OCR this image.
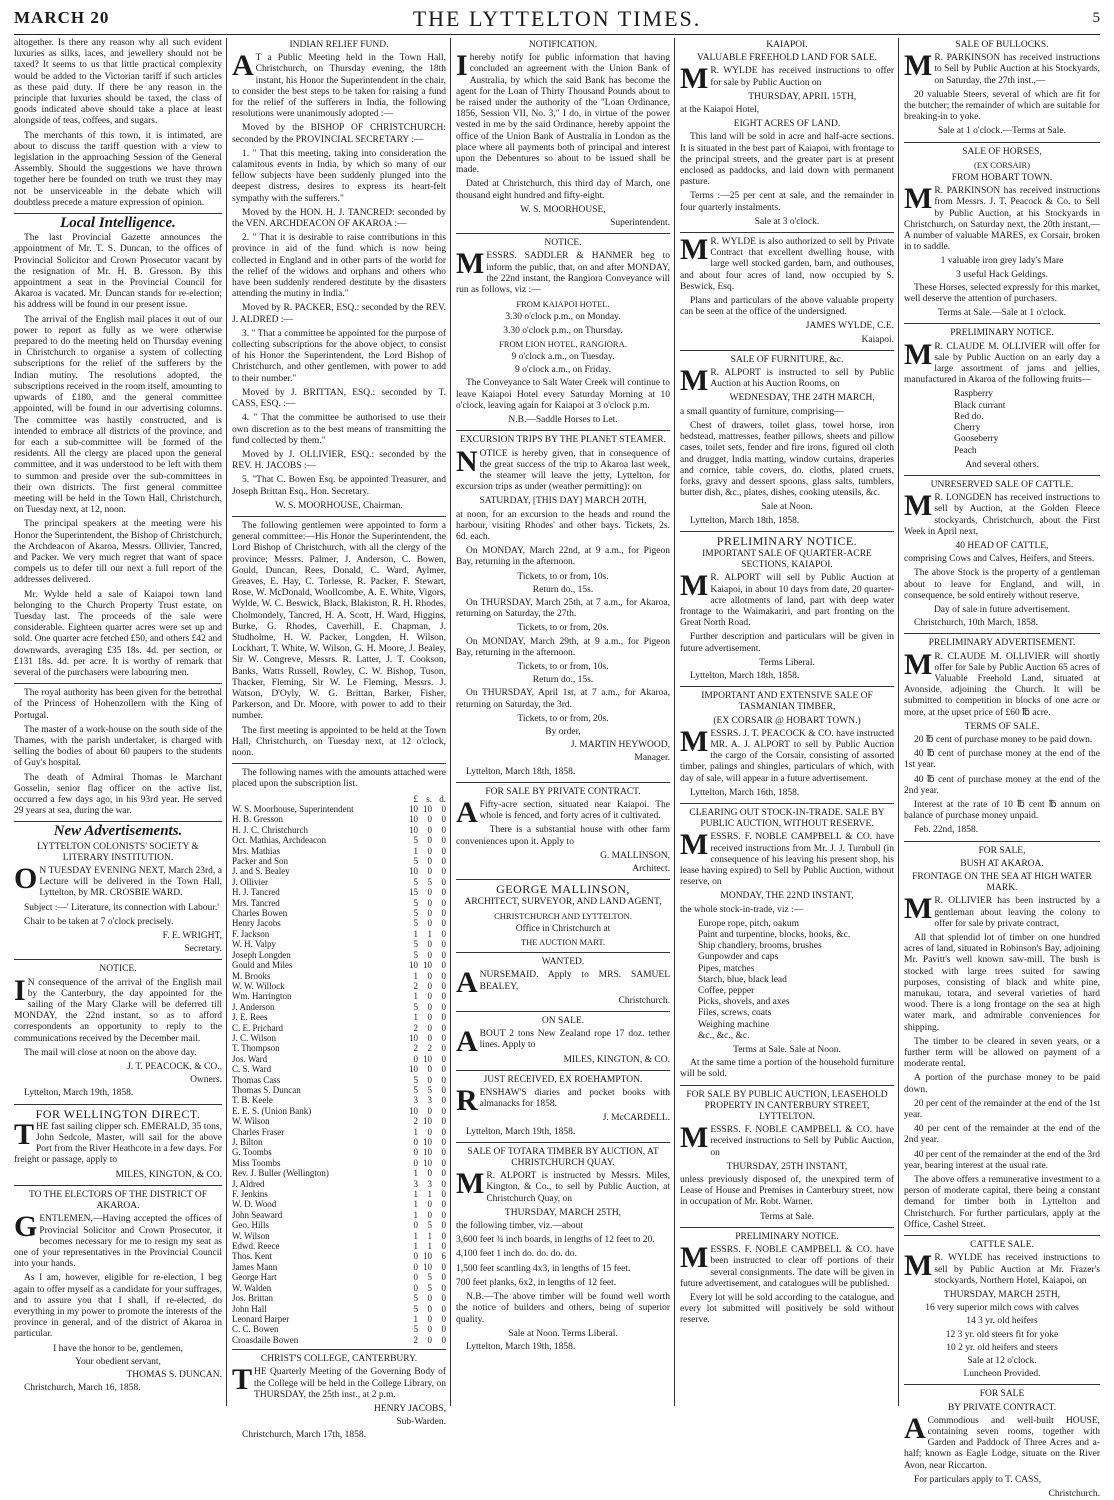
MARCH 20	THE LYTTELTON TIMES.	5

altogether. Is there any reason why all such evident luxuries as silks, laces, and jewellery should not be taxed? It seems to us that little practical complexity would be added to the Victorian tariff if such articles as these paid duty. If there be any reason in the principle that luxuries should be taxed, the class of goods indicated above should take a place at least alongside of teas, coffees, and sugars.

The merchants of this town, it is intimated, are about to discuss the tariff question with a view to legislation in the approaching Session of the General Assembly. Should the suggestions we have thrown together here be founded on truth we trust they may not be unserviceable in the debate which will doubtless precede a mature expression of opinion.

Local Intelligence.

The last Provincial Gazette announces the appointment of Mr. T. S. Duncan, to the offices of Provincial Solicitor and Crown Prosecutor vacant by the resignation of Mr. H. B. Gresson. By this appointment a seat in the Provincial Council for Akaroa is vacated. Mr. Duncan stands for re-election; his address will be found in our present issue.

The arrival of the English mail places it out of our power to report as fully as we were otherwise prepared to do the meeting held on Thursday evening in Christchurch to organise a system of collecting subscriptions for the relief of the sufferers by the Indian mutiny. The resolutions adopted, the subscriptions received in the room itself, amounting to upwards of £180, and the general committee appointed, will be found in our advertising columns. The committee was hastily constructed, and is intended to embrace all districts of the province, and for each a sub-committee will be formed of the residents. All the clergy are placed upon the general committee, and it was understood to be left with them to summon and preside over the sub-committees in their own districts. The first general committee meeting will be held in the Town Hall, Christchurch, on Tuesday next, at 12, noon.

The principal speakers at the meeting were his Honor the Superintendent, the Bishop of Christchurch, the Archdeacon of Akaroa, Messrs. Ollivier, Tancred, and Packer. We very much regret that want of space compels us to defer till our next a full report of the addresses delivered.

Mr. Wylde held a sale of Kaiapoi town land belonging to the Church Property Trust estate, on Tuesday last. The proceeds of the sale were considerable. Eighteen quarter acres were set up and sold. One quarter acre fetched £50, and others £42 and downwards, averaging £35 18s. 4d. per section, or £131 18s. 4d. per acre. It is worthy of remark that several of the purchasers were labouring men.

The royal authority has been given for the betrothal of the Princess of Hohenzollern with the King of Portugal.

The master of a work-house on the south side of the Thames, with the parish undertaker, is charged with selling the bodies of about 60 paupers to the students of Guy's hospital.

The death of Admiral Thomas le Marchant Gosselin, senior flag officer on the active list, occurred a few days ago, in his 93rd year. He served 29 years at sea, during the war.

New Advertisements.
LYTTELTON COLONISTS' SOCIETY & LITERARY INSTITUTION.

O N TUESDAY EVENING NEXT, March 23rd, a Lecture will be delivered in the Town Hall, Lyttelton, by MR. CROSBIE WARD.

Subject :—' Literature, its connection with Labour.'

Chair to be taken at 7 o'clock precisely.

F. E. WRIGHT,
Secretary.
NOTICE.

I N consequence of the arrival of the English mail by the Canterbury, the day appointed for the sailing of the Mary Clarke will be deferred till MONDAY, the 22nd instant, so as to afford correspondents an opportunity to reply to the communications received by the December mail.

The mail will close at noon on the above day.

J. T. PEACOCK, & CO.,
Owners.

Lyttelton, March 19th, 1858.

FOR WELLINGTON DIRECT.

THE fast sailing clipper sch. EMERALD, 35 tons, John Sedcole, Master, will sail for the above Port from the River Heathcote in a few days. For freight or passage, apply to

MILES, KINGTON, & CO.
TO THE ELECTORS OF THE DISTRICT OF AKAROA.

GENTLEMEN,—Having accepted the offices of Provincial Solicitor and Crown Prosecutor, it becomes necessary for me to resign my seat as one of your representatives in the Provincial Council into your hands.

As I am, however, eligible for re-election, I beg again to offer myself as a candidate for your suffrages, and to assure you that I shall, if re-elected, do everything in my power to promote the interests of the province in general, and of the district of Akaroa in particular.

I have the honor to be, gentlemen,
Your obedient servant,
THOMAS S. DUNCAN.

Christchurch, March 16, 1858.

INDIAN RELIEF FUND.

A T a Public Meeting held in the Town Hall, Christchurch, on Thursday evening, the 18th instant, his Honor the Superintendent in the chair, to consider the best steps to be taken for raising a fund for the relief of the sufferers in India, the following resolutions were unanimously adopted :—

Moved by the BISHOP OF CHRISTCHURCH: seconded by the PROVINCIAL SECRETARY :—

1. " That this meeting, taking into consideration the calamitous events in India, by which so many of our fellow subjects have been suddenly plunged into the deepest distress, desires to express its heart-felt sympathy with the sufferers."

Moved by the HON. H. J. TANCRED: seconded by the VEN. ARCHDEACON OF AKAROA :—

2. " That it is desirable to raise contributions in this province in aid of the fund which is now being collected in England and in other parts of the world for the relief of the widows and orphans and others who have been suddenly rendered destitute by the disasters attending the mutiny in India."

Moved by R. PACKER, ESQ.: seconded by the REV. J. ALDRED :—

3. " That a committee be appointed for the purpose of collecting subscriptions for the above object, to consist of his Honor the Superintendent, the Lord Bishop of Christchurch, and other gentlemen, with power to add to their number."

Moved by J. BRITTAN, ESQ.: seconded by T. CASS, ESQ. :—

4. " That the committee be authorised to use their own discretion as to the best means of transmitting the fund collected by them."

Moved by J. OLLIVIER, ESQ.: seconded by the REV. H. JACOBS :—

5. "That C. Bowen Esq. be appointed Treasurer, and Joseph Brittan Esq., Hon. Secretary.

W. S. MOORHOUSE, Chairman.

The following gentlemen were appointed to form a general committee:—His Honor the Superintendent, the Lord Bishop of Christchurch, with all the clergy of the province; Messrs. Palmer, J. Anderson, C. Bowen, Gould, Duncan, Rees, Donald, C. Ward, Aylmer, Greaves, E. Hay, C. Torlesse, R. Packer, F. Stewart, Rose, W. McDonald, Woollcombe, A. E. White, Vigors, Wylde, W. C. Beswick, Black, Blakiston, R. H. Rhodes, Cholmondely, Tancred, H. A. Scott, H. Ward, Higgins, Burke, G. Rhodes, Caverhill, E. Chapman, J. Studholme, H. W. Packer, Longden, H. Wilson, Lockhart, T. White, W. Wilson, G. H. Moore, J. Bealey, Sir W. Congreve, Messrs. R. Latter, J. T. Cookson, Banks, Watts Russell, Rowley, C. W. Bishop, Tuson, Thacker, Fleming, Sir W. Le Fleming, Messrs. J. Watson, D'Oyly, W. G. Brittan, Barker, Fisher, Parkerson, and Dr. Moore, with power to add to their number.

The first meeting is appointed to be held at the Town Hall, Christchurch, on Tuesday next, at 12 o'clock, noon.

The following names with the amounts attached were placed upon the subscription list.

	£	s.	d.
W. S. Moorhouse, Superintendent	10	10	0
H. B. Gresson	10	0	0
H. J. C. Christchurch	10	0	0
Oct. Mathias, Archdeacon	5	0	0
Mrs. Mathias	1	0	0
Packer and Son	5	0	0
J. and S. Bealey	10	0	0
J. Ollivier	5	5	0
H. J. Tancred	15	0	0
Mrs. Tancred	5	0	0
Charles Bowen	5	0	0
Henry Jacobs	5	0	0
F. Jackson	1	1	0
W. H. Valpy	5	0	0
Joseph Longden	5	0	0
Gould and Miles	10	10	0
M. Brooks	1	0	0
W. W. Willock	2	0	0
Wm. Harrington	1	0	0
J. Anderson	5	0	0
J. E. Rees	1	0	0
C. E. Prichard	2	0	0
J. C. Wilson	10	0	0
T. Thompson	2	2	0
Jos. Ward	0	10	0
C. S. Ward	10	0	0
Thomas Cass	5	0	0
Thomas S. Duncan	5	5	0
T. B. Keele	3	3	0
E. E. S. (Union Bank)	10	0	0
W. Wilson	2	10	0
Charles Fraser	1	0	0
J. Bilton	0	10	0
G. Toombs	0	10	0
Miss Toombs	0	10	0
Rev. J. Buller (Wellington)	1	0	0
J. Aldred	3	3	0
F. Jenkins	1	1	0
W. D. Wood	1	0	0
John Seaward	1	0	0
Geo. Hills	0	5	0
W. Wilson	1	1	0
Edwd. Reece	1	1	0
Thos. Kent	0	10	6
James Mann	0	10	0
George Hart	0	5	0
W. Walden	0	5	0
Jos. Brittan	5	0	0
John Hall	5	0	0
Leonard Harper	1	0	0
C. C. Bowen	5	0	0
Croasdaile Bowen	2	0	0
CHRIST'S COLLEGE, CANTERBURY.

THE Quarterly Meeting of the Governing Body of the College will be held in the College Library, on THURSDAY, the 25th inst., at 2 p.m.

HENRY JACOBS,
Sub-Warden.

Christchurch, March 17th, 1858.

NOTIFICATION.

Ihereby notify for public information that having concluded an agreement with the Union Bank of Australia, by which the said Bank has become the agent for the Loan of Thirty Thousand Pounds about to be raised under the authority of the "Loan Ordinance, 1856, Session VII, No. 3," I do, in virtue of the power vested in me by the said Ordinance, hereby appoint the office of the Union Bank of Australia in London as the place where all payments both of principal and interest upon the Debentures so about to be issued shall be made.

Dated at Christchurch, this third day of March, one thousand eight hundred and fifty-eight.

W. S. MOORHOUSE,
Superintendent.
NOTICE.

MESSRS. SADDLER & HANMER beg to inform the public, that, on and after MONDAY, the 22nd instant, the Rangiora Conveyance will run as follows, viz :—

FROM KAIAPOI HOTEL.
3.30 o'clock p.m., on Monday.
3.30 o'clock p.m., on Thursday.
FROM LION HOTEL, RANGIORA.
9 o'clock a.m., on Tuesday.
9 o'clock a.m., on Friday.

The Conveyance to Salt Water Creek will continue to leave Kaiapoi Hotel every Saturday Morning at 10 o'clock, leaving again for Kaiapoi at 3 o'clock p.m.

N.B.—Saddle Horses to Let.
EXCURSION TRIPS BY THE PLANET STEAMER.

NOTICE is hereby given, that in consequence of the great success of the trip to Akaroa last week, the steamer will leave the jetty, Lyttelton, for excursion trips as under (weather permitting): on

SATURDAY, [THIS DAY] MARCH 20TH,

at noon, for an excursion to the heads and round the harbour, visiting Rhodes' and other bays. Tickets, 2s. 6d. each.

On MONDAY, March 22nd, at 9 a.m., for Pigeon Bay, returning in the afternoon.

Tickets, to or from, 10s.
Return do., 15s.

On THURSDAY, March 25th, at 7 a.m., for Akaroa, returning on Saturday, the 27th.

Tickets, to or from, 20s.

On MONDAY, March 29th, at 9 a.m., for Pigeon Bay, returning in the afternoon.

Tickets, to or from, 10s.
Return do., 15s.

On THURSDAY, April 1st, at 7 a.m., for Akaroa, returning on Saturday, the 3rd.

Tickets, to or from, 20s.
By order,
J. MARTIN HEYWOOD,
Manager.

Lyttelton, March 18th, 1858.

FOR SALE BY PRIVATE CONTRACT.

A Fifty-acre section, situated near Kaiapoi. The whole is fenced, and forty acres of it cultivated.

There is a substantial house with other farm conveniences upon it. Apply to

G. MALLINSON,
Architect.
GEORGE MALLINSON,
ARCHITECT, SURVEYOR, AND LAND AGENT,
CHRISTCHURCH AND LYTTELTON.
Office in Christchurch at
THE AUCTION MART.
WANTED.

ANURSEMAID. Apply to MRS. SAMUEL BEALEY,

Christchurch.
ON SALE.

ABOUT 2 tons New Zealand rope 17 doz. tether lines. Apply to

MILES, KINGTON, & CO.
JUST RECEIVED, EX ROEHAMPTON.

RENSHAW'S diaries and pocket books with almanacks for 1858.

J. McCARDELL.

Lyttelton, March 19th, 1858.

SALE OF TOTARA TIMBER BY AUCTION, AT CHRISTCHURCH QUAY.

M R. ALPORT is instructed by Messrs. Miles, Kington, & Co., to sell by Public Auction, at Christchurch Quay, on

THURSDAY, MARCH 25TH,

the following timber, viz.—about

3,600 feet ¾ inch boards, in lengths of 12 feet to 20.

4,100 feet 1 inch do. do. do. do.

1,500 feet scantling 4x3, in lengths of 15 feet.

700 feet planks, 6x2, in lengths of 12 feet.

N.B.—The above timber will be found well worth the notice of builders and others, being of superior quality.

Sale at Noon. Terms Liberal.

Lyttelton, March 19th, 1858.

KAIAPOI.
VALUABLE FREEHOLD LAND FOR SALE.

M R. WYLDE has received instructions to offer for sale by Public Auction on

THURSDAY, APRIL 15TH,

at the Kaiapoi Hotel,

EIGHT ACRES OF LAND.

This land will be sold in acre and half-acre sections. It is situated in the best part of Kaiapoi, with frontage to the principal streets, and the greater part is at present enclosed as paddocks, and laid down with permanent pasture.

Terms :—25 per cent at sale, and the remainder in four quarterly instalments.

Sale at 3 o'clock.

M R. WYLDE is also authorized to sell by Private Contract that excellent dwelling house, with large well stocked garden, barn, and outhouses, and about four acres of land, now occupied by S. Beswick, Esq.

Plans and particulars of the above valuable property can be seen at the office of the undersigned.

JAMES WYLDE, C.E.
Kaiapoi.
SALE OF FURNITURE, &c.

M R. ALPORT is instructed to sell by Public Auction at his Auction Rooms, on

WEDNESDAY, THE 24TH MARCH,

a small quantity of furniture, comprising—

Chest of drawers, toilet glass, towel horse, iron bedstead, mattresses, feather pillows, sheets and pillow cases, toilet sets, fender and fire irons, figured oil cloth and drugget, India matting, window curtains, draperies and cornice, table covers, do. cloths, plated cruets, forks, gravy and dessert spoons, glass salts, tumblers, butter dish, &c., plates, dishes, cooking utensils, &c.

Sale at Noon.

Lyttelton, March 18th, 1858.

PRELIMINARY NOTICE.
IMPORTANT SALE OF QUARTER-ACRE SECTIONS, KAIAPOI.

M R. ALPORT will sell by Public Auction at Kaiapoi, in about 10 days from date, 20 quarter-acre allotments of land, part with deep water frontage to the Waimakariri, and part fronting on the Great North Road.

Further description and particulars will be given in future advertisement.

Terms Liberal.

Lyttelton, March 18th, 1858.

IMPORTANT AND EXTENSIVE SALE OF TASMANIAN TIMBER,
(EX CORSAIR @ HOBART TOWN.)

MESSRS. J. T. PEACOCK & CO. have instructed MR. A. J. ALPORT to sell by Public Auction the cargo of the Corsair, consisting of assorted timber, palings and shingles, particulars of which, with day of sale, will appear in a future advertisement.

Lyttelton, March 16th, 1858.

CLEARING OUT STOCK-IN-TRADE. SALE BY PUBLIC AUCTION, WITHOUT RESERVE.

MESSRS. F. NOBLE CAMPBELL & CO. have received instructions from Mr. J. J. Turnbull (in consequence of his leaving his present shop, his lease having expired) to Sell by Public Auction, without reserve, on

MONDAY, THE 22ND INSTANT,

the whole stock-in-trade, viz :—

Europe rope, pitch, oakum
Paint and turpentine, blocks, hooks, &c.
Ship chandlery, brooms, brushes
Gunpowder and caps
Pipes, matches
Starch, blue, black lead
Coffee, pepper
Picks, shovels, and axes
Files, screws, coats
Weighing machine
&c., &c., &c.
Terms at Sale. Sale at Noon.

At the same time a portion of the household furniture will be sold.

FOR SALE BY PUBLIC AUCTION, LEASEHOLD PROPERTY IN CANTERBURY STREET, LYTTELTON.

MESSRS. F. NOBLE CAMPBELL & CO. have received instructions to Sell by Public Auction, on

THURSDAY, 25TH INSTANT,

unless previously disposed of, the unexpired term of Lease of House and Premises in Canterbury street, now in occupation of Mr. Robt. Warner.

Terms at Sale.
PRELIMINARY NOTICE.

MESSRS. F. NOBLE CAMPBELL & CO. have been instructed to clear off portions of their several consignments. The date will be given in future advertisement, and catalogues will be published.

Every lot will be sold according to the catalogue, and every lot submitted will positively be sold without reserve.

SALE OF BULLOCKS.

M R. PARKINSON has received instructions to Sell by Public Auction at his Stockyards, on Saturday, the 27th inst.,—

20 valuable Steers, several of which are fit for the butcher; the remainder of which are suitable for breaking-in to yoke.

Sale at 1 o'clock.—Terms at Sale.
SALE OF HORSES,
(EX CORSAIR)
FROM HOBART TOWN.

M R. PARKINSON has received instructions from Messrs. J. T. Peacock & Co. to Sell by Public Auction, at his Stockyards in Christchurch, on Saturday next, the 20th instant,—A number of valuable MARES, ex Corsair, broken in to saddle.

1 valuable iron grey lady's Mare
3 useful Hack Geldings.

These Horses, selected expressly for this market, well deserve the attention of purchasers.

Terms at Sale.—Sale at 1 o'clock.
PRELIMINARY NOTICE.

M R. CLAUDE M. OLLIVIER will offer for sale by Public Auction on an early day a large assortment of jams and jellies, manufactured in Akaroa of the following fruits—

Raspberry
Black currant
Red do.
Cherry
Gooseberry
Peach
And several others.
UNRESERVED SALE OF CATTLE.

M R. LONGDEN has received instructions to sell by Auction, at the Golden Fleece stockyards, Christchurch, about the First Week in April next,

40 HEAD OF CATTLE,

comprising Cows and Calves, Heifers, and Steers.

The above Stock is the property of a gentleman about to leave for England, and will, in consequence, be sold entirely without reserve.

Day of sale in future advertisement.

Christchurch, 10th March, 1858.

PRELIMINARY ADVERTISEMENT.

M R. CLAUDE M. OLLIVIER will shortly offer for Sale by Public Auction 65 acres of Valuable Freehold Land, situated at Avonside, adjoining the Church. It will be submitted to competition in blocks of one acre or more, at the upset price of £60 ℔ acre.

TERMS OF SALE.

20 ℔ cent of purchase money to be paid down.

40 ℔ cent of purchase money at the end of the 1st year.

40 ℔ cent of purchase money at the end of the 2nd year.

Interest at the rate of 10 ℔ cent ℔ annum on balance of purchase money unpaid.

Feb. 22nd, 1858.

FOR SALE,
BUSH AT AKAROA.
FRONTAGE ON THE SEA AT HIGH WATER MARK.

M R. OLLIVIER has been instructed by a gentleman about leaving the colony to offer for sale by private contract,

All that splendid lot of timber on one hundred acres of land, situated in Robinson's Bay, adjoining Mr. Pavitt's well known saw-mill. The bush is stocked with large trees suited for sawing purposes, consisting of black and white pine, manukau, totara, and several varieties of hard wood. There is a long frontage on the sea at high water mark, and admirable conveniences for shipping.

The timber to be cleared in seven years, or a further term will be allowed on payment of a moderate rental.

A portion of the purchase money to be paid down.

20 per cent of the remainder at the end of the 1st year.

40 per cent of the remainder at the end of the 2nd year.

40 per cent of the remainder at the end of the 3rd year, bearing interest at the usual rate.

The above offers a remunerative investment to a person of moderate capital, there being a constant demand for timber both in Lyttelton and Christchurch. For further particulars, apply at the Office, Cashel Street.

CATTLE SALE.

M R. WYLDE has received instructions to sell by Public Auction at Mr. Frazer's stockyards, Northern Hotel, Kaiapoi, on

THURSDAY, MARCH 25TH,
16 very superior milch cows with calves
14 3 yr. old heifers
12 3 yr. old steers fit for yoke
10 2 yr. old heifers and steers
Sale at 12 o'clock.
Luncheon Provided.
FOR SALE
BY PRIVATE CONTRACT.

A Commodious and well-built HOUSE, containing seven rooms, together with Garden and Paddock of Three Acres and a-half; known as Eagle Lodge, situate on the River Avon, near Riccarton.

For particulars apply to T. CASS,

Christchurch.
